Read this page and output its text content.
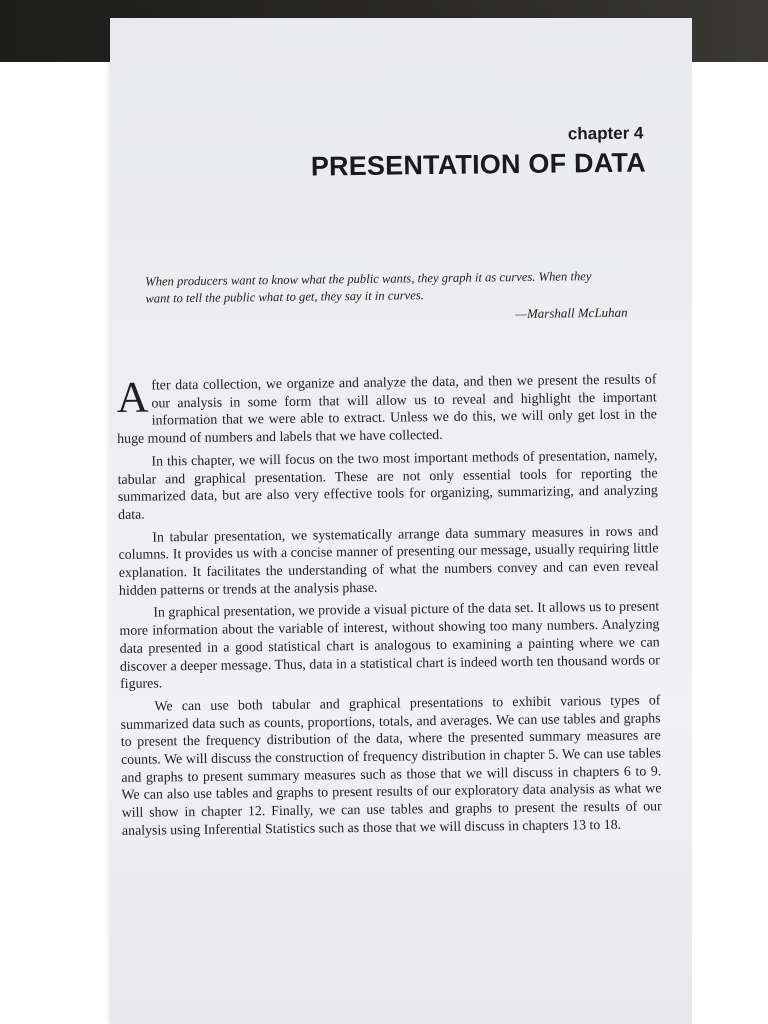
chapter 4
PRESENTATION OF DATA
When producers want to know what the public wants, they graph it as curves. When they want to tell the public what to get, they say it in curves.
—Marshall McLuhan

After data collection, we organize and analyze the data, and then we present the results of our analysis in some form that will allow us to reveal and highlight the important information that we were able to extract. Unless we do this, we will only get lost in the huge mound of numbers and labels that we have collected.

In this chapter, we will focus on the two most important methods of presentation, namely, tabular and graphical presentation. These are not only essential tools for reporting the summarized data, but are also very effective tools for organizing, summarizing, and analyzing data.

In tabular presentation, we systematically arrange data summary measures in rows and columns. It provides us with a concise manner of presenting our message, usually requiring little explanation. It facilitates the understanding of what the numbers convey and can even reveal hidden patterns or trends at the analysis phase.

In graphical presentation, we provide a visual picture of the data set. It allows us to present more information about the variable of interest, without showing too many numbers. Analyzing data presented in a good statistical chart is analogous to examining a painting where we can discover a deeper message. Thus, data in a statistical chart is indeed worth ten thousand words or figures.

We can use both tabular and graphical presentations to exhibit various types of summarized data such as counts, proportions, totals, and averages. We can use tables and graphs to present the frequency distribution of the data, where the presented summary measures are counts. We will discuss the construction of frequency distribution in chapter 5. We can use tables and graphs to present summary measures such as those that we will discuss in chapters 6 to 9. We can also use tables and graphs to present results of our exploratory data analysis as what we will show in chapter 12. Finally, we can use tables and graphs to present the results of our analysis using Inferential Statistics such as those that we will discuss in chapters 13 to 18.
